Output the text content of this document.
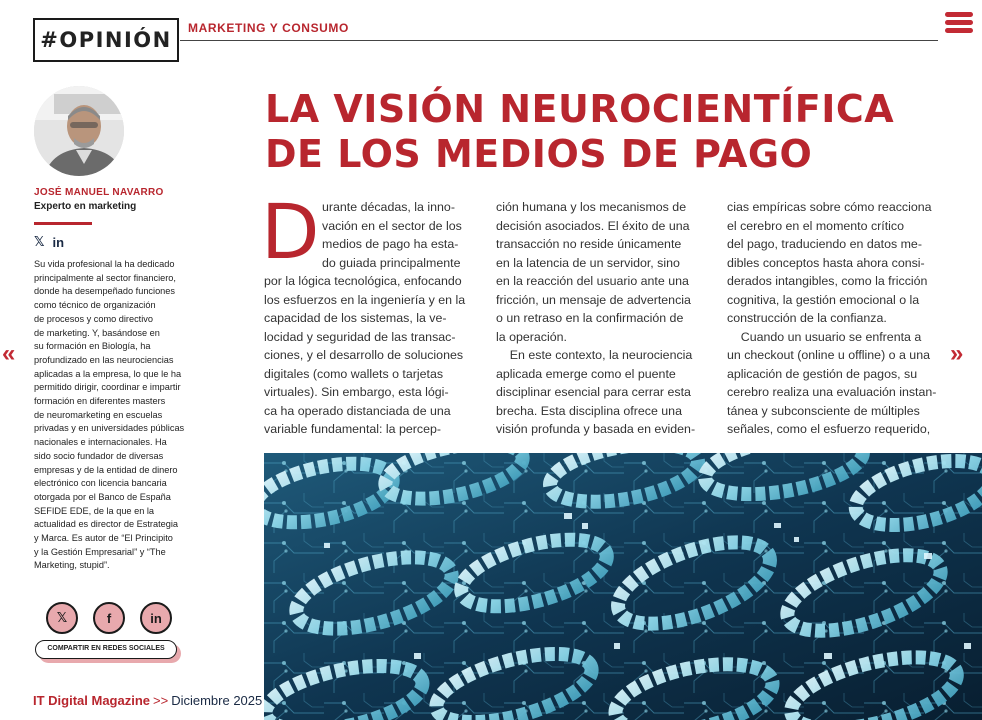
#OPINIÓN	MARKETING Y CONSUMO
JOSÉ MANUEL NAVARRO
Experto en marketing
𝕏 in
Su vida profesional la ha dedicado
principalmente al sector financiero,
donde ha desempeñado funciones
como técnico de organización
de procesos y como directivo
de marketing. Y, basándose en
su formación en Biología, ha
profundizado en las neurociencias
aplicadas a la empresa, lo que le ha
permitido dirigir, coordinar e impartir
formación en diferentes masters
de neuromarketing en escuelas
privadas y en universidades públicas
nacionales e internacionales. Ha
sido socio fundador de diversas
empresas y de la entidad de dinero
electrónico con licencia bancaria
otorgada por el Banco de España
SEFIDE EDE, de la que en la
actualidad es director de Estrategia
y Marca. Es autor de “El Principito
y la Gestión Empresarial” y “The
Marketing, stupid”.
«	»
𝕏	f	in
COMPARTIR EN REDES SOCIALES
IT Digital Magazine >> Diciembre 2025
LA VISIÓN NEUROCIENTÍFICA
DE LOS MEDIOS DE PAGO
D urante décadas, la inno-
vación en el sector de los
medios de pago ha esta-
do guiada principalmente
por la lógica tecnológica, enfocando
los esfuerzos en la ingeniería y en la
capacidad de los sistemas, la ve-
locidad y seguridad de las transac-
ciones, y el desarrollo de soluciones
digitales (como wallets o tarjetas
virtuales). Sin embargo, esta lógi-
ca ha operado distanciada de una
variable fundamental: la percep-
ción humana y los mecanismos de
decisión asociados. El éxito de una
transacción no reside únicamente
en la latencia de un servidor, sino
en la reacción del usuario ante una
fricción, un mensaje de advertencia
o un retraso en la confirmación de
la operación.
En este contexto, la neurociencia
aplicada emerge como el puente
disciplinar esencial para cerrar esta
brecha. Esta disciplina ofrece una
visión profunda y basada en eviden-
cias empíricas sobre cómo reacciona
el cerebro en el momento crítico
del pago, traduciendo en datos me-
dibles conceptos hasta ahora consi-
derados intangibles, como la fricción
cognitiva, la gestión emocional o la
construcción de la confianza.
Cuando un usuario se enfrenta a
un checkout (online u offline) o a una
aplicación de gestión de pagos, su
cerebro realiza una evaluación instan-
tánea y subconsciente de múltiples
señales, como el esfuerzo requerido,
